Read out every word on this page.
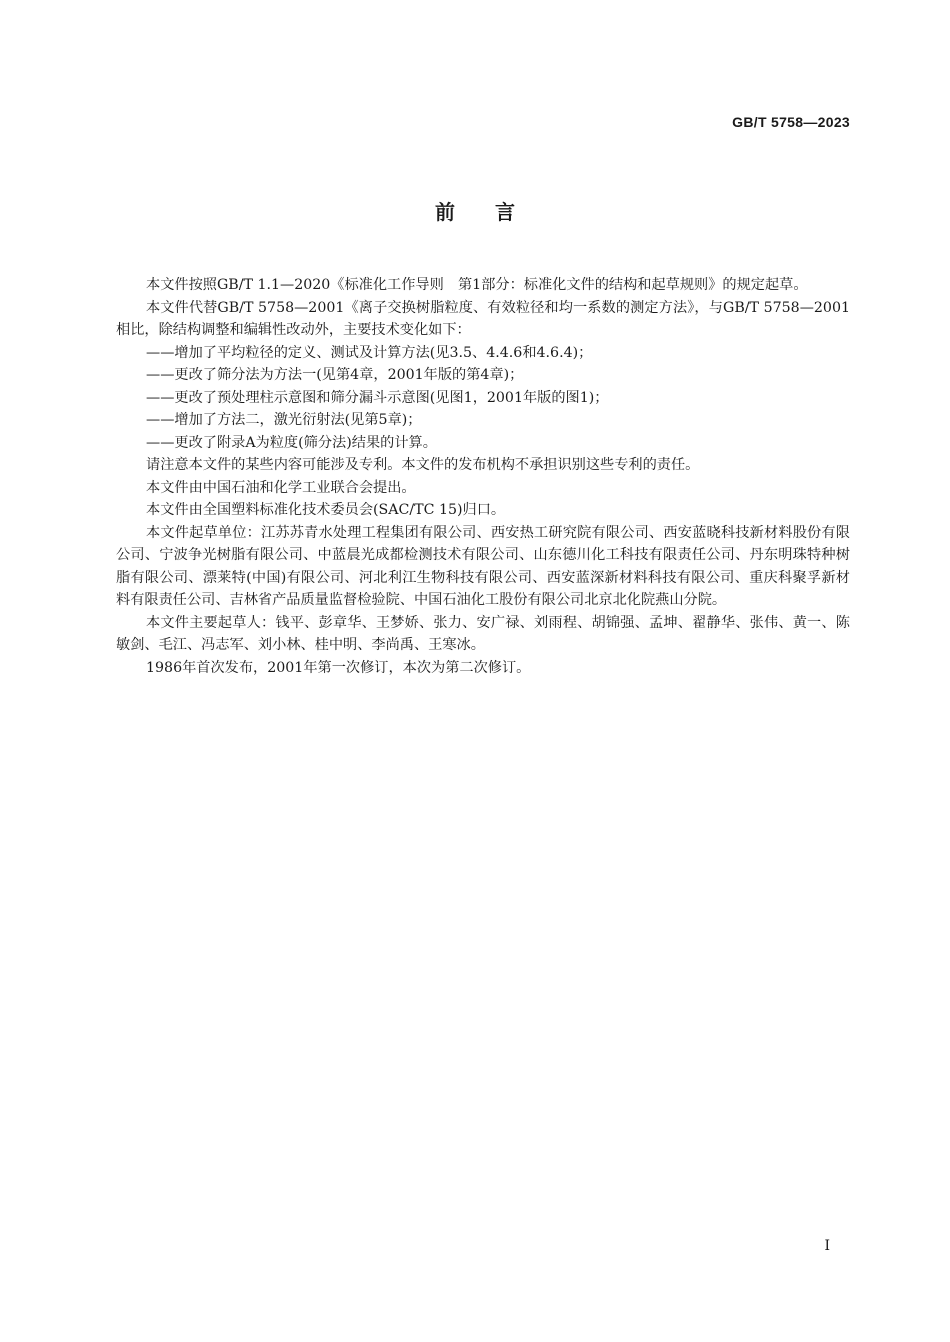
GB/T 5758—2023
前言

本文件按照GB/T 1.1—2020《标准化工作导则　第1部分：标准化文件的结构和起草规则》的规定起草。

本文件代替GB/T 5758—2001《离子交换树脂粒度、有效粒径和均一系数的测定方法》，与GB/T 5758—2001相比，除结构调整和编辑性改动外，主要技术变化如下：

——增加了平均粒径的定义、测试及计算方法(见3.5、4.4.6和4.6.4)；

——更改了筛分法为方法一(见第4章，2001年版的第4章)；

——更改了预处理柱示意图和筛分漏斗示意图(见图1，2001年版的图1)；

——增加了方法二，激光衍射法(见第5章)；

——更改了附录A为粒度(筛分法)结果的计算。

请注意本文件的某些内容可能涉及专利。本文件的发布机构不承担识别这些专利的责任。

本文件由中国石油和化学工业联合会提出。

本文件由全国塑料标准化技术委员会(SAC/TC 15)归口。

本文件起草单位：江苏苏青水处理工程集团有限公司、西安热工研究院有限公司、西安蓝晓科技新材料股份有限公司、宁波争光树脂有限公司、中蓝晨光成都检测技术有限公司、山东德川化工科技有限责任公司、丹东明珠特种树脂有限公司、漂莱特(中国)有限公司、河北利江生物科技有限公司、西安蓝深新材料科技有限公司、重庆科聚孚新材料有限责任公司、吉林省产品质量监督检验院、中国石油化工股份有限公司北京北化院燕山分院。

本文件主要起草人：钱平、彭章华、王梦娇、张力、安广禄、刘雨程、胡锦强、孟坤、翟静华、张伟、黄一、陈敏剑、毛江、冯志军、刘小林、桂中明、李尚禹、王寒冰。

1986年首次发布，2001年第一次修订，本次为第二次修订。

I
